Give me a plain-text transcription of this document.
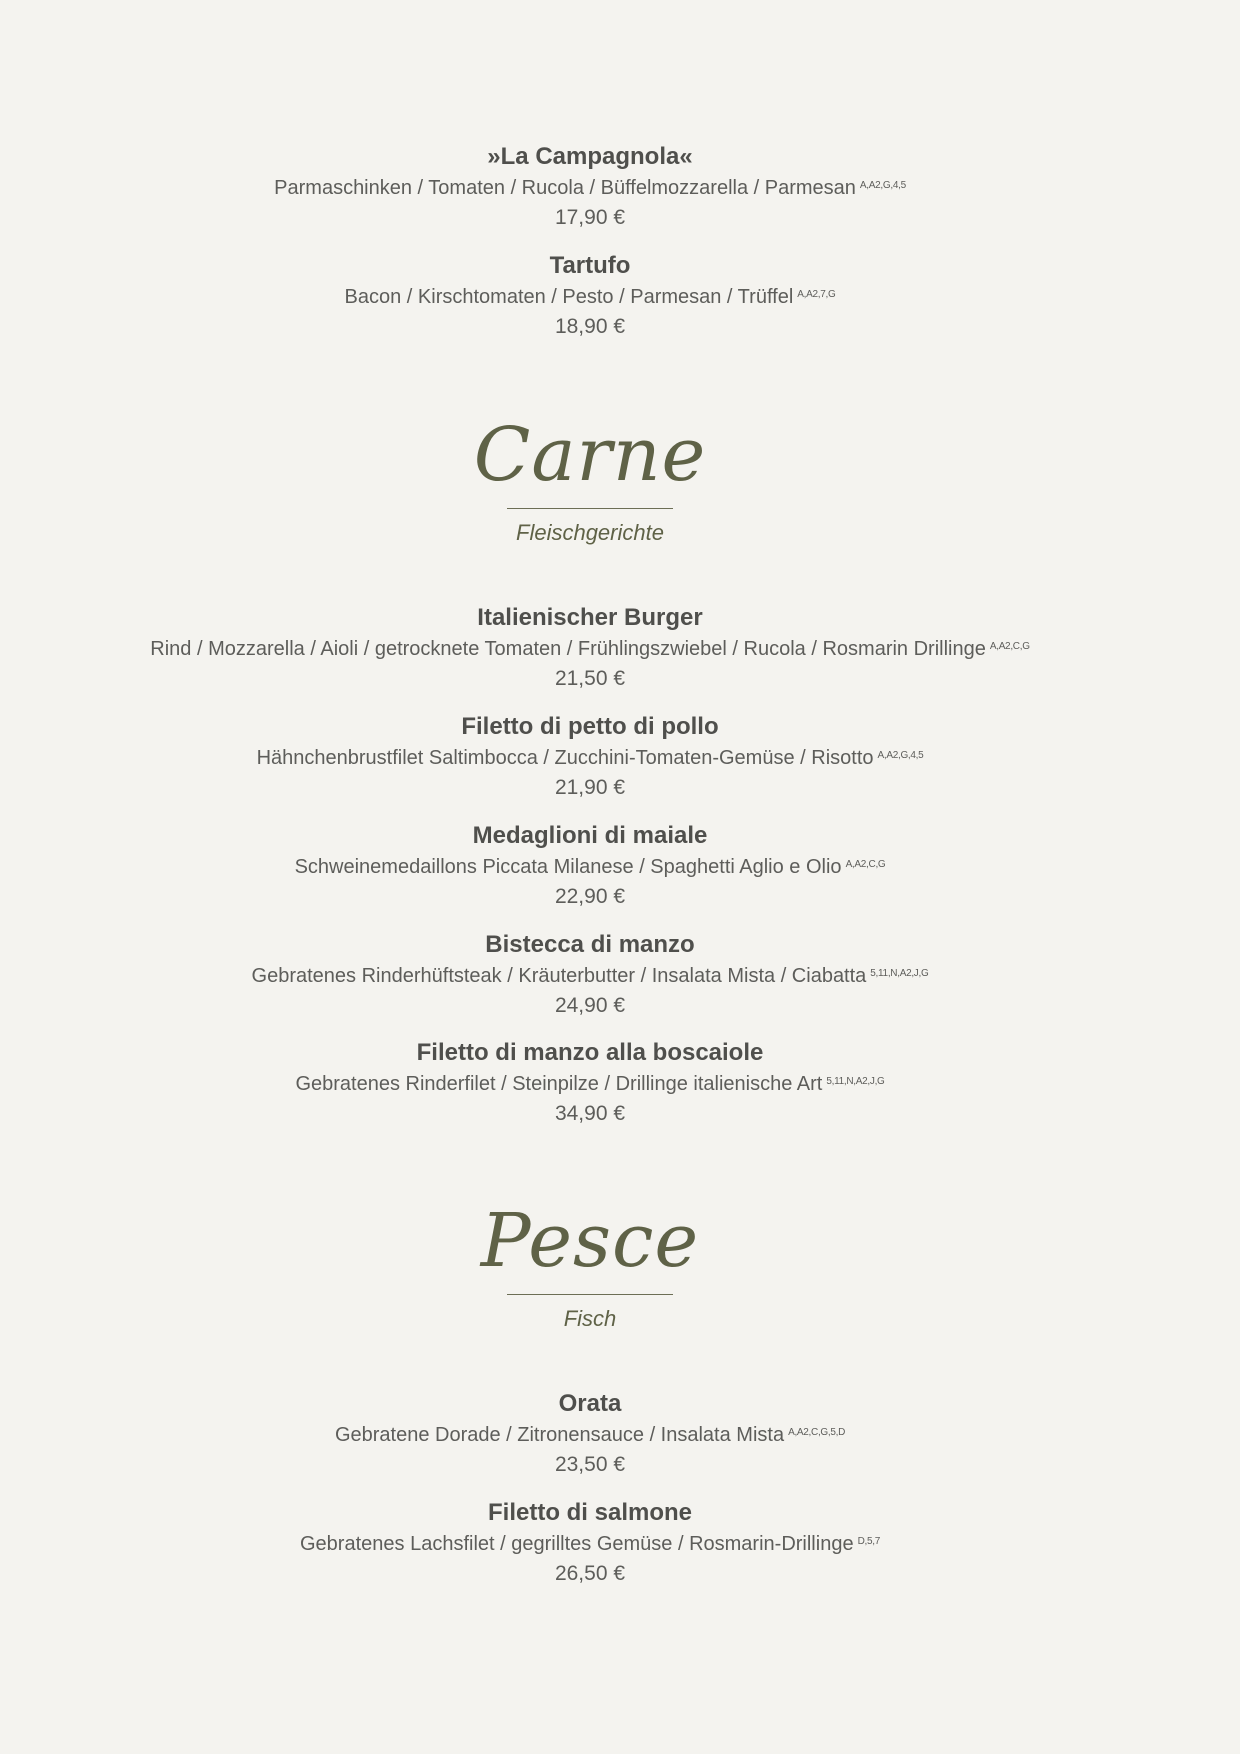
»La Campagnola«
Parmaschinken / Tomaten / Rucola / Büffelmozzarella / Parmesan $^{A,A2,G,4,5}$
17,90 €
Tartufo
Bacon / Kirschtomaten / Pesto / Parmesan / Trüffel $^{A,A2,7,G}$
18,90 €
Carne
Fleischgerichte
Italienischer Burger
Rind / Mozzarella / Aioli / getrocknete Tomaten / Frühlingszwiebel / Rucola / Rosmarin Drillinge $^{A,A2,C,G}$
21,50 €
Filetto di petto di pollo
Hähnchenbrustfilet Saltimbocca / Zucchini-Tomaten-Gemüse / Risotto $^{A,A2,G,4,5}$
21,90 €
Medaglioni di maiale
Schweinemedaillons Piccata Milanese / Spaghetti Aglio e Olio $^{A,A2,C,G}$
22,90 €
Bistecca di manzo
Gebratenes Rinderhüftsteak / Kräuterbutter / Insalata Mista / Ciabatta $^{5,11,N,A2,J,G}$
24,90 €
Filetto di manzo alla boscaiole
Gebratenes Rinderfilet / Steinpilze / Drillinge italienische Art $^{5,11,N,A2,J,G}$
34,90 €
Pesce
Fisch
Orata
Gebratene Dorade / Zitronensauce / Insalata Mista $^{A,A2,C,G,5,D}$
23,50 €
Filetto di salmone
Gebratenes Lachsfilet / gegrilltes Gemüse / Rosmarin-Drillinge $^{D,5,7}$
26,50 €
